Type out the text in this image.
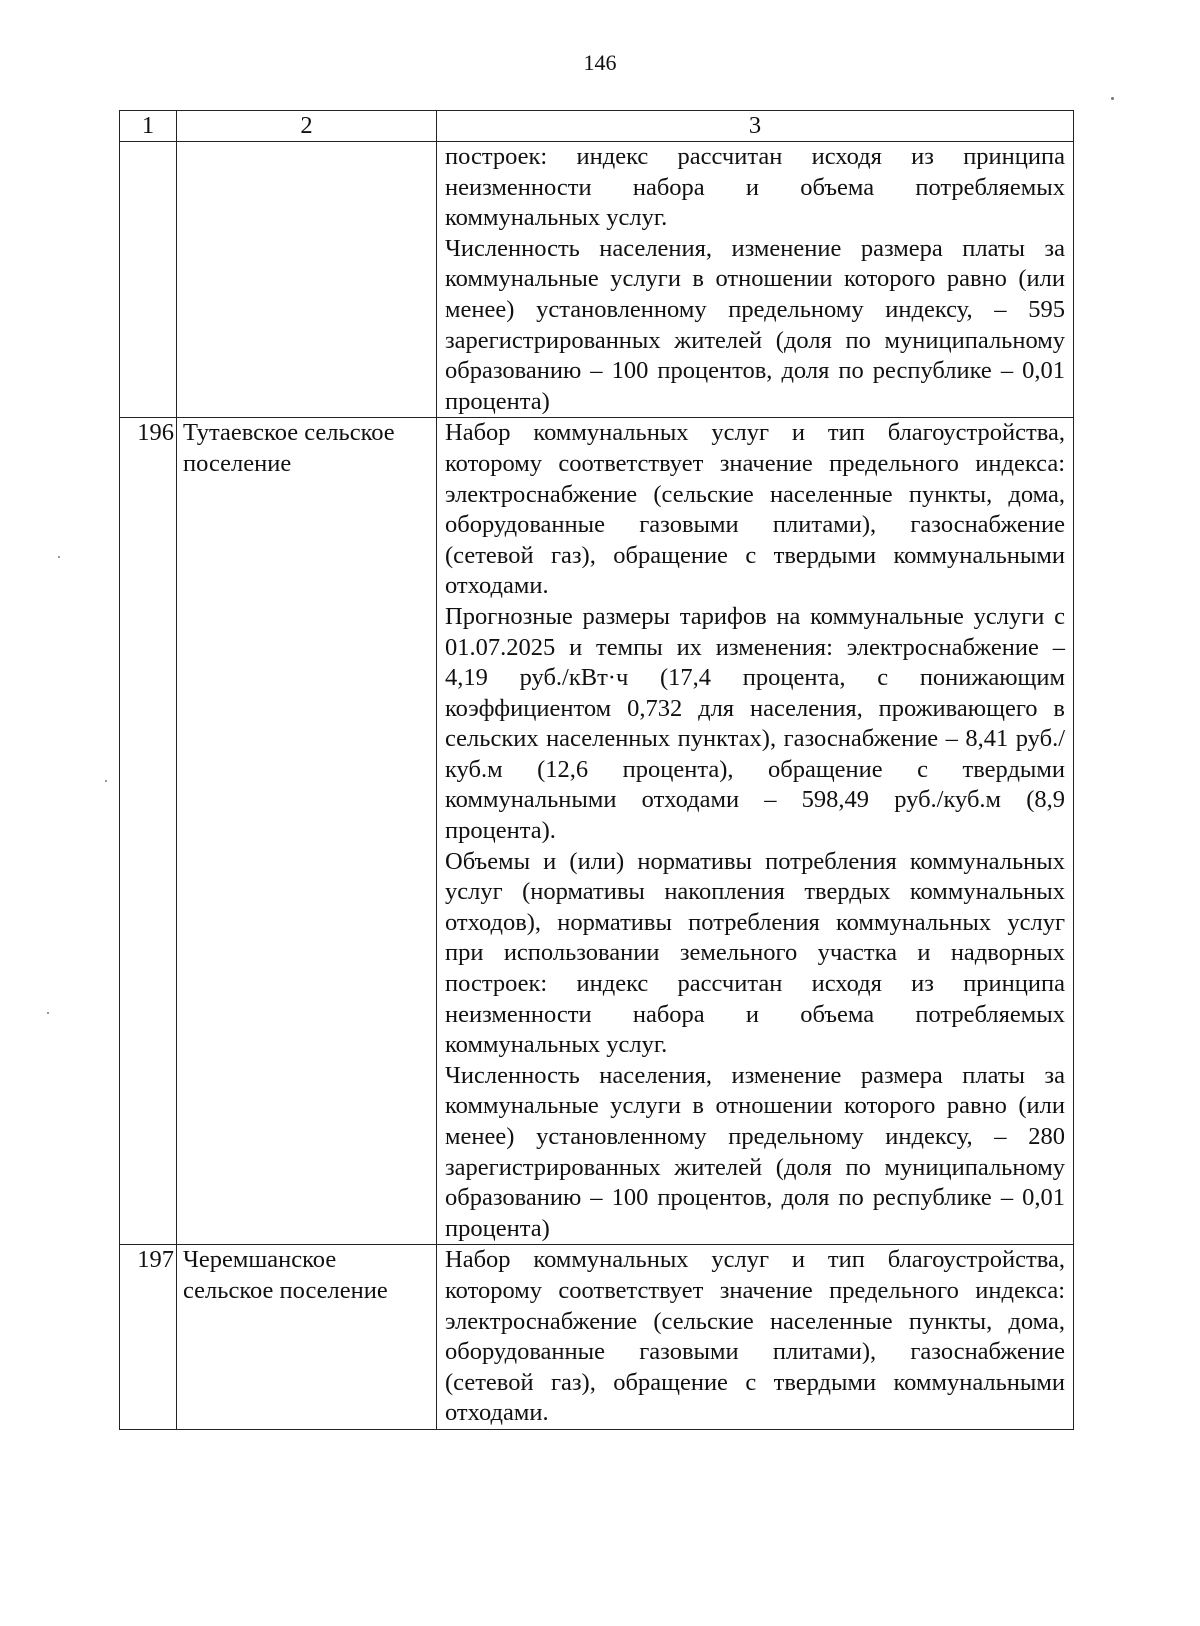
146
1	2	3

		построек: индекс рассчитан исходя из принципа неизменности набора и объема потребляемых коммунальных услуг.

Численность населения, изменение размера платы за коммунальные услуги в отношении которого равно (или менее) установленному предельному индексу, – 595 зарегистрированных жителей (доля по муниципальному образованию – 100 процентов, доля по республике – 0,01 процента)

196	Тутаевское сельское поселение	Набор коммунальных услуг и тип благоустройства, которому соответствует значение предельного индекса: электроснабжение (сельские населенные пункты, дома, оборудованные газовыми плитами), газоснабжение (сетевой газ), обращение с твердыми коммунальными отходами.

Прогнозные размеры тарифов на коммунальные услуги с 01.07.2025 и темпы их изменения: электроснабжение – 4,19 руб./кВт·ч (17,4 процента, с понижающим коэффициентом 0,732 для населения, проживающего в сельских населенных пунктах), газоснабжение – 8,41 руб./куб.м (12,6 процента), обращение с твердыми коммунальными отходами – 598,49 руб./куб.м (8,9 процента).

Объемы и (или) нормативы потребления коммунальных услуг (нормативы накопления твердых коммунальных отходов), нормативы потребления коммунальных услуг при использовании земельного участка и надворных построек: индекс рассчитан исходя из принципа неизменности набора и объема потребляемых коммунальных услуг.

Численность населения, изменение размера платы за коммунальные услуги в отношении которого равно (или менее) установленному предельному индексу, – 280 зарегистрированных жителей (доля по муниципальному образованию – 100 процентов, доля по республике – 0,01 процента)

197	Черемшанское сельское поселение	Набор коммунальных услуг и тип благоустройства, которому соответствует значение предельного индекса: электроснабжение (сельские населенные пункты, дома, оборудованные газовыми плитами), газоснабжение (сетевой газ), обращение с твердыми коммунальными отходами.
